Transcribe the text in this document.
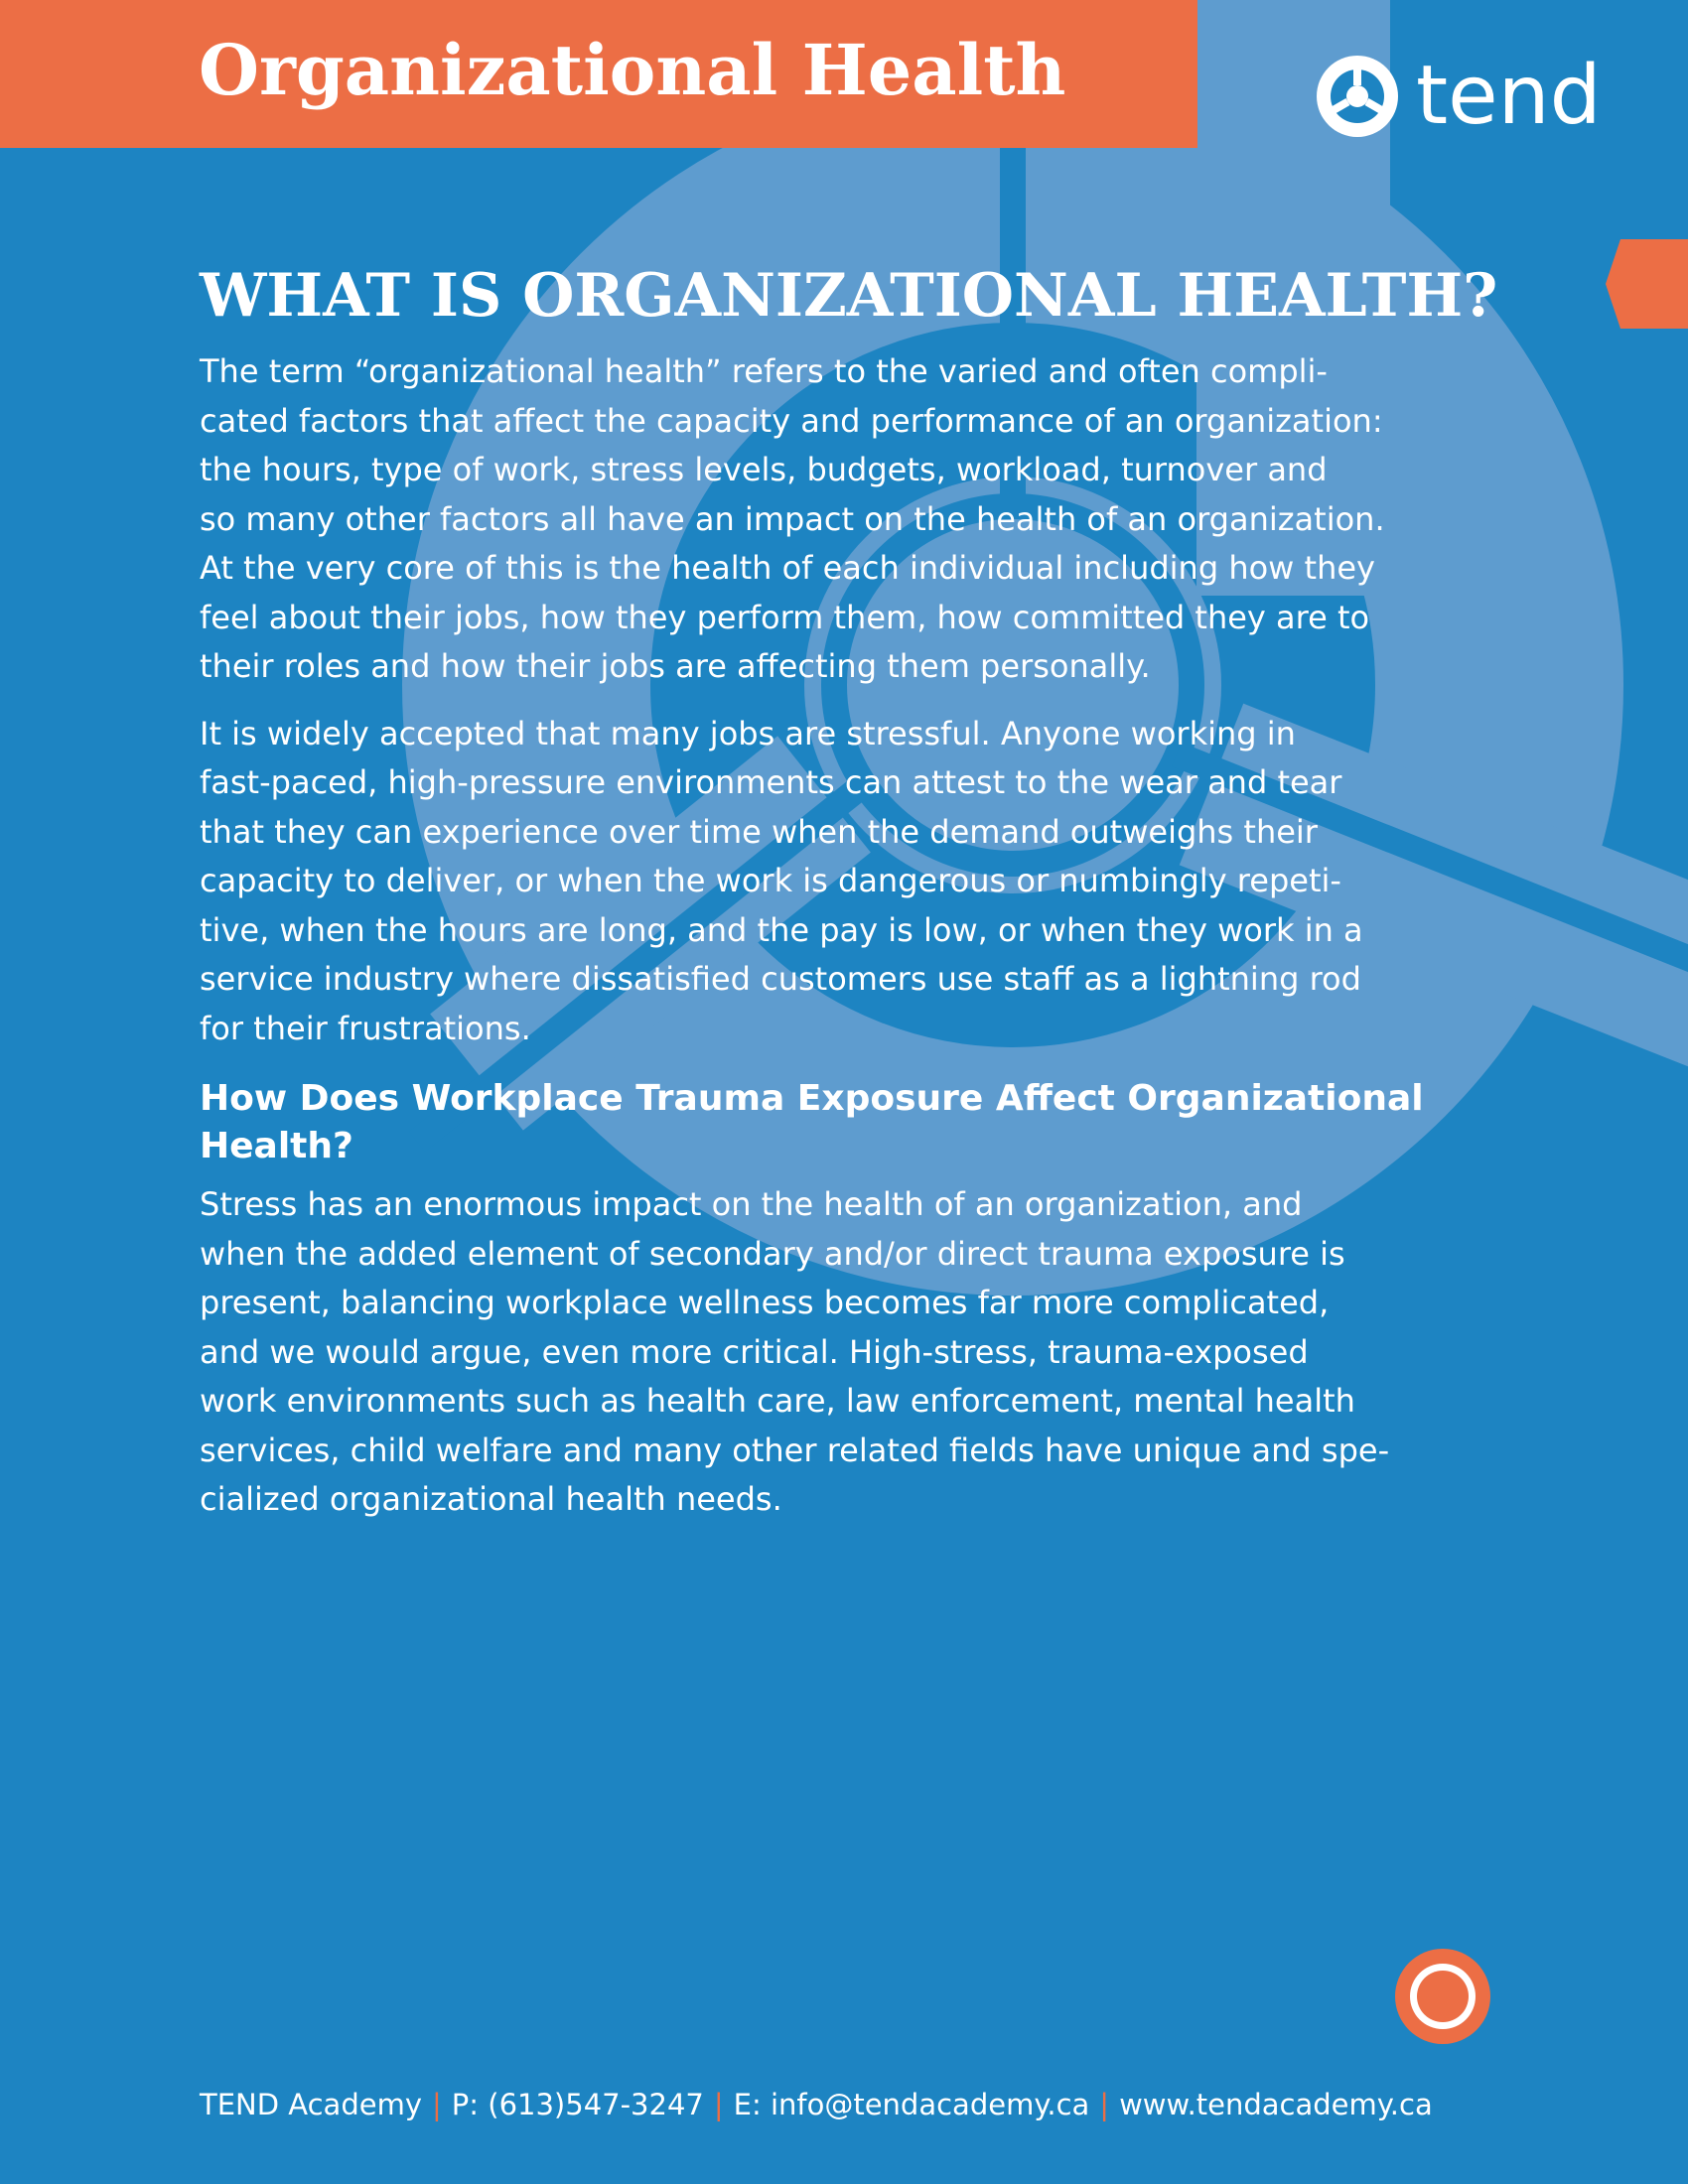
Organizational Health	tend
WHAT IS ORGANIZATIONAL HEALTH?

The term “organizational health” refers to the varied and often compli-
cated factors that affect the capacity and performance of an organization:
the hours, type of work, stress levels, budgets, workload, turnover and
so many other factors all have an impact on the health of an organization.
At the very core of this is the health of each individual including how they
feel about their jobs, how they perform them, how committed they are to
their roles and how their jobs are affecting them personally.

It is widely accepted that many jobs are stressful. Anyone working in
fast-paced, high-pressure environments can attest to the wear and tear
that they can experience over time when the demand outweighs their
capacity to deliver, or when the work is dangerous or numbingly repeti-
tive, when the hours are long, and the pay is low, or when they work in a
service industry where dissatisfied customers use staff as a lightning rod
for their frustrations.

How Does Workplace Trauma Exposure Affect Organizational
Health?

Stress has an enormous impact on the health of an organization, and
when the added element of secondary and/or direct trauma exposure is
present, balancing workplace wellness becomes far more complicated,
and we would argue, even more critical. High-stress, trauma-exposed
work environments such as health care, law enforcement, mental health
services, child welfare and many other related fields have unique and spe-
cialized organizational health needs.

TEND Academy | P: (613)547-3247 | E: info@tendacademy.ca | www.tendacademy.ca
